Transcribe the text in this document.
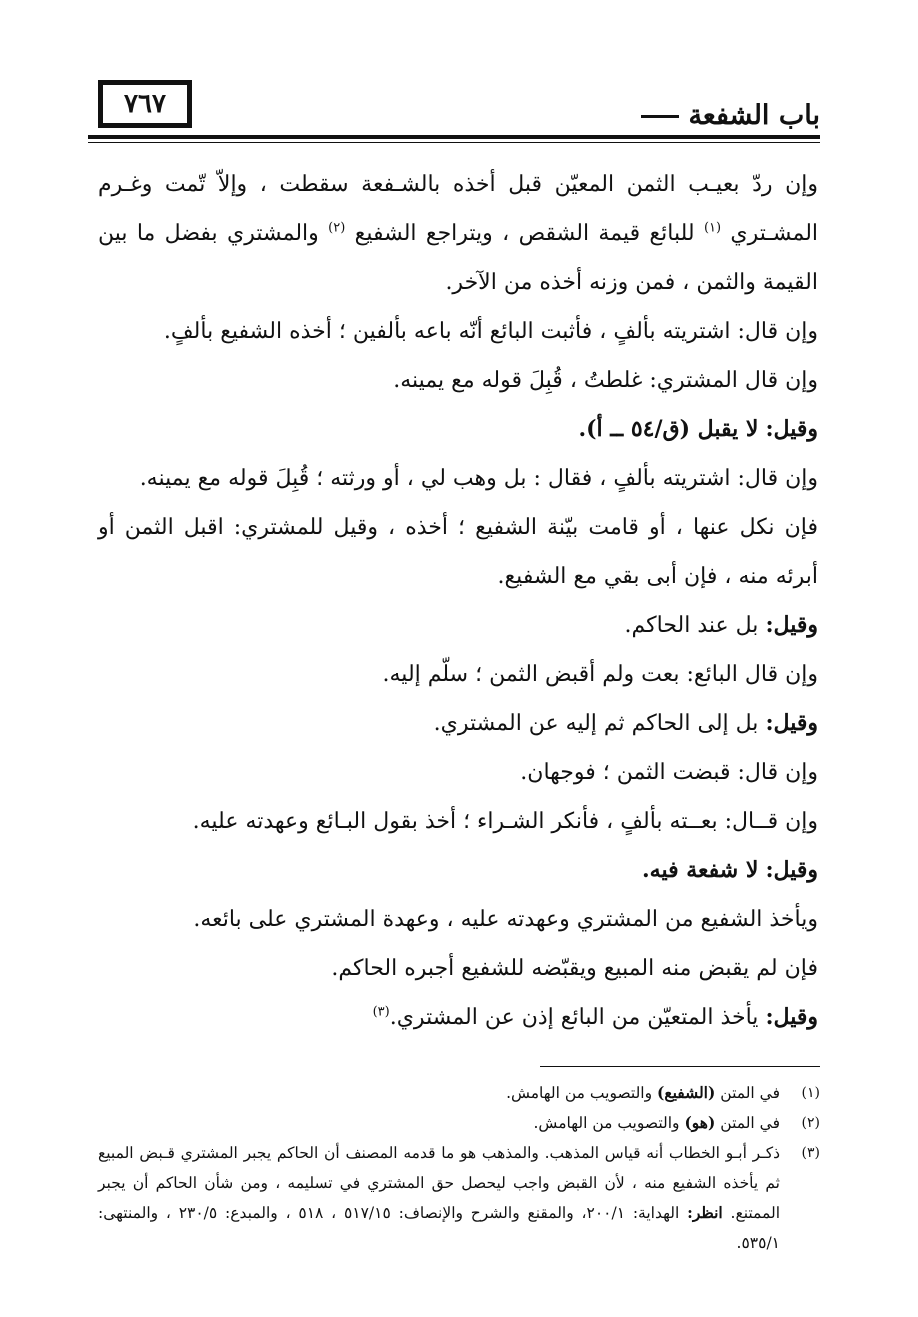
٧٦٧	باب الشفعة

وإن ردّ بعيـب الثمن المعيّن قبل أخذه بالشـفعة سقطت ، وإلاّ تّمت وغـرم المشـتري $^{(١)}$ للبائع قيمة الشقص ، ويتراجع الشفيع $^{(٢)}$ والمشتري بفضل ما بين القيمة والثمن ، فمن وزنه أخذه من الآخر.

وإن قال: اشتريته بألفٍ ، فأثبت البائع أنّه باعه بألفين ؛ أخذه الشفيع بألفٍ.

وإن قال المشتري: غلطتُ ، قُبِلَ قوله مع يمينه.

وقيل: لا يقبل (ق/٥٤ ــ أ).

وإن قال: اشتريته بألفٍ ، فقال : بل وهب لي ، أو ورثته ؛ قُبِلَ قوله مع يمينه.

فإن نكل عنها ، أو قامت بيّنة الشفيع ؛ أخذه ، وقيل للمشتري: اقبل الثمن أو أبرئه منه ، فإن أبى بقي مع الشفيع.

وقيل: بل عند الحاكم.

وإن قال البائع: بعت ولم أقبض الثمن ؛ سلّم إليه.

وقيل: بل إلى الحاكم ثم إليه عن المشتري.

وإن قال: قبضت الثمن ؛ فوجهان.

وإن قــال: بعــته بألفٍ ، فأنكر الشـراء ؛ أخذ بقول البـائع وعهدته عليه.

وقيل: لا شفعة فيه.

ويأخذ الشفيع من المشتري وعهدته عليه ، وعهدة المشتري على بائعه.

فإن لم يقبض منه المبيع ويقبّضه للشفيع أجبره الحاكم.

وقيل: يأخذ المتعيّن من البائع إذن عن المشتري.$^{(٣)}$

(١)
في المتن (الشفيع) والتصويب من الهامش.
(٢)
في المتن (هو) والتصويب من الهامش.
(٣)
ذكـر أبـو الخطاب أنه قياس المذهب. والمذهب هو ما قدمه المصنف أن الحاكم يجبر المشتري قـبض المبيع ثم يأخذه الشفيع منه ، لأن القبض واجب ليحصل حق المشتري في تسليمه ، ومن شأن الحاكم أن يجبر الممتنع. انظر: الهداية: ٢٠٠/١، والمقنع والشرح والإنصاف: ٥١٧/١٥ ، ٥١٨ ، والمبدع: ٢٣٠/٥ ، والمنتهى: ٥٣٥/١.
